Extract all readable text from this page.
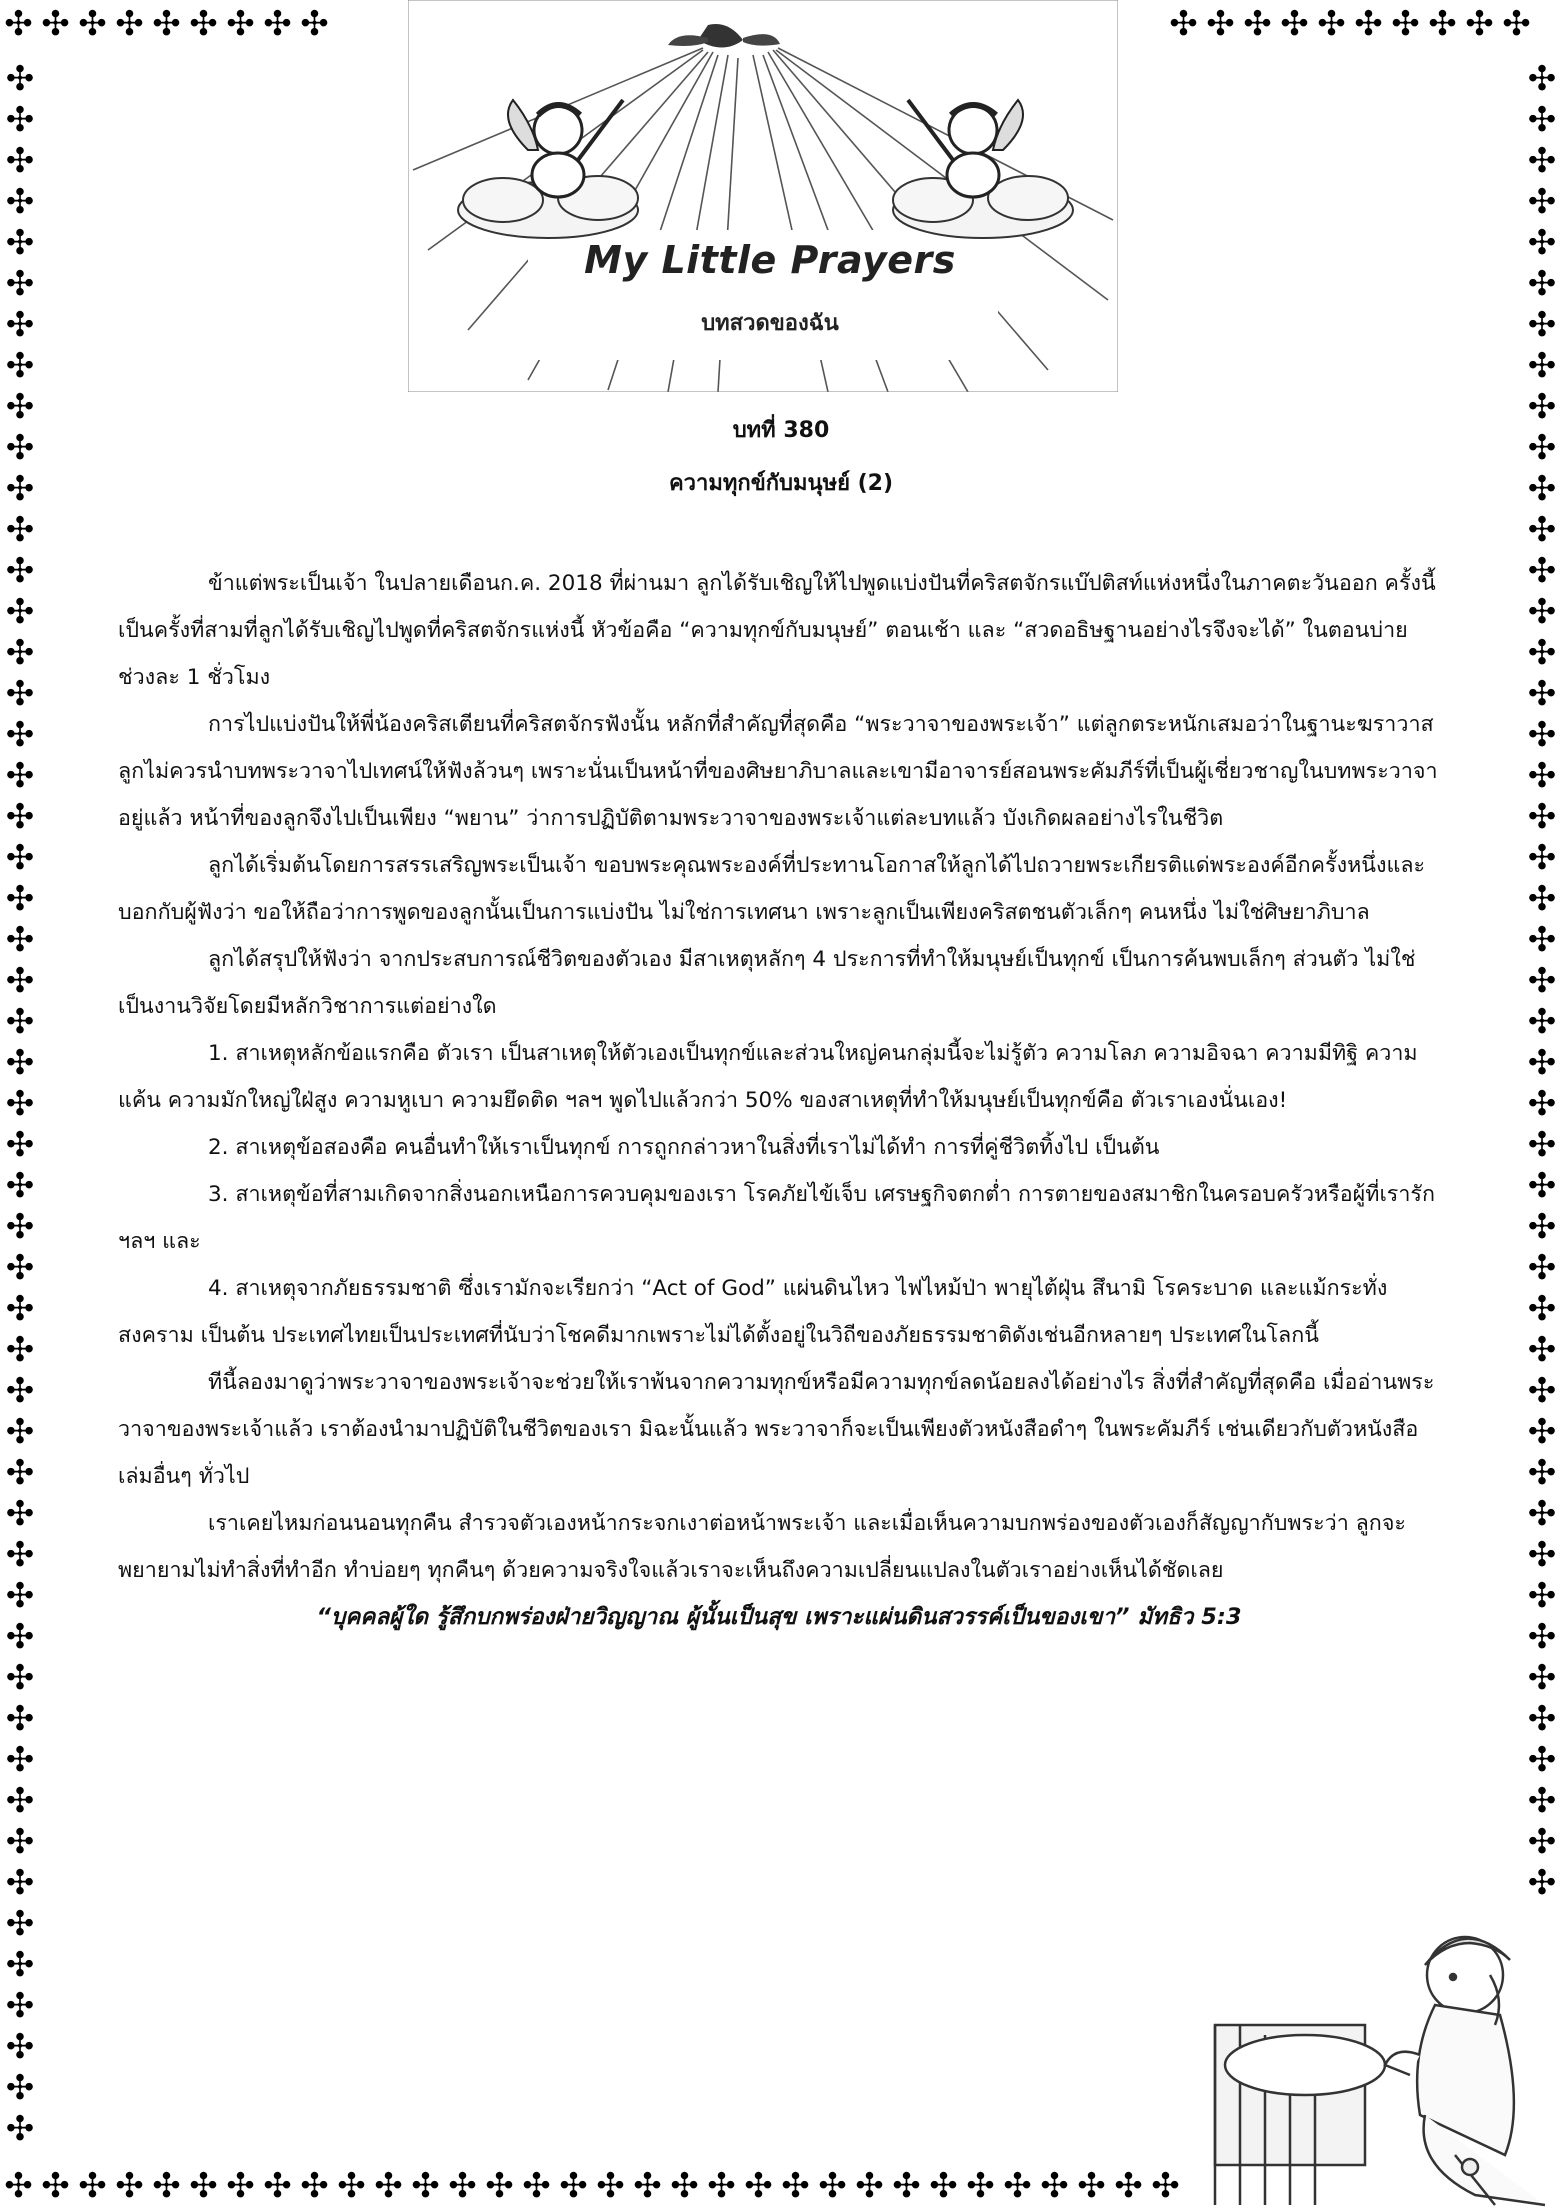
✣ ✣ ✣ ✣ ✣ ✣ ✣ ✣ ✣	✣ ✣ ✣ ✣ ✣ ✣ ✣ ✣ ✣ ✣
✣ ✣ ✣ ✣ ✣ ✣ ✣ ✣ ✣ ✣ ✣ ✣ ✣ ✣ ✣ ✣ ✣ ✣ ✣ ✣ ✣ ✣ ✣ ✣ ✣ ✣ ✣ ✣ ✣ ✣ ✣ ✣
✣
✣
✣
✣
✣
✣
✣
✣
✣
✣
✣
✣
✣
✣
✣
✣
✣
✣
✣
✣
✣
✣
✣
✣
✣
✣
✣
✣
✣
✣
✣
✣
✣
✣
✣
✣
✣
✣
✣
✣
✣
✣
✣
✣
✣
✣
✣
✣
✣
✣
✣
✣
✣
✣
✣
✣
✣
✣
✣
✣
✣
✣
✣
✣
✣
✣
✣
✣
✣
✣
✣
✣
✣
✣
✣
✣
✣
✣
✣
✣
✣
✣
✣
✣
✣
✣
✣
✣
✣
✣
✣
✣
✣
✣
✣
✣
My Little Prayers
บทสวดของฉัน
บทที่ 380
ความทุกข์กับมนุษย์ (2)

ข้าแต่พระเป็นเจ้า ในปลายเดือนก.ค. 2018 ที่ผ่านมา ลูกได้รับเชิญให้ไปพูดแบ่งปันที่คริสตจักรแบ๊ปติสท์แห่งหนึ่งในภาคตะวันออก ครั้งนี้เป็นครั้งที่สามที่ลูกได้รับเชิญไปพูดที่คริสตจักรแห่งนี้ หัวข้อคือ “ความทุกข์กับมนุษย์” ตอนเช้า และ “สวดอธิษฐานอย่างไรจึงจะได้” ในตอนบ่าย ช่วงละ 1 ชั่วโมง

การไปแบ่งปันให้พี่น้องคริสเตียนที่คริสตจักรฟังนั้น หลักที่สำคัญที่สุดคือ “พระวาจาของพระเจ้า” แต่ลูกตระหนักเสมอว่าในฐานะฆราวาส ลูกไม่ควรนำบทพระวาจาไปเทศน์ให้ฟังล้วนๆ เพราะนั่นเป็นหน้าที่ของศิษยาภิบาลและเขามีอาจารย์สอนพระคัมภีร์ที่เป็นผู้เชี่ยวชาญในบทพระวาจาอยู่แล้ว หน้าที่ของลูกจึงไปเป็นเพียง “พยาน” ว่าการปฏิบัติตามพระวาจาของพระเจ้าแต่ละบทแล้ว บังเกิดผลอย่างไรในชีวิต

ลูกได้เริ่มต้นโดยการสรรเสริญพระเป็นเจ้า ขอบพระคุณพระองค์ที่ประทานโอกาสให้ลูกได้ไปถวายพระเกียรติแด่พระองค์อีกครั้งหนึ่งและบอกกับผู้ฟังว่า ขอให้ถือว่าการพูดของลูกนั้นเป็นการแบ่งปัน ไม่ใช่การเทศนา เพราะลูกเป็นเพียงคริสตชนตัวเล็กๆ คนหนึ่ง ไม่ใช่ศิษยาภิบาล

ลูกได้สรุปให้ฟังว่า จากประสบการณ์ชีวิตของตัวเอง มีสาเหตุหลักๆ 4 ประการที่ทำให้มนุษย์เป็นทุกข์ เป็นการค้นพบเล็กๆ ส่วนตัว ไม่ใช่เป็นงานวิจัยโดยมีหลักวิชาการแต่อย่างใด

1. สาเหตุหลักข้อแรกคือ ตัวเรา เป็นสาเหตุให้ตัวเองเป็นทุกข์และส่วนใหญ่คนกลุ่มนี้จะไม่รู้ตัว ความโลภ ความอิจฉา ความมีทิฐิ ความแค้น ความมักใหญ่ใฝ่สูง ความหูเบา ความยึดติด ฯลฯ พูดไปแล้วกว่า 50% ของสาเหตุที่ทำให้มนุษย์เป็นทุกข์คือ ตัวเราเองนั่นเอง!

2. สาเหตุข้อสองคือ คนอื่นทำให้เราเป็นทุกข์ การถูกกล่าวหาในสิ่งที่เราไม่ได้ทำ การที่คู่ชีวิตทิ้งไป เป็นต้น

3. สาเหตุข้อที่สามเกิดจากสิ่งนอกเหนือการควบคุมของเรา โรคภัยไข้เจ็บ เศรษฐกิจตกต่ำ การตายของสมาชิกในครอบครัวหรือผู้ที่เรารัก ฯลฯ และ

4. สาเหตุจากภัยธรรมชาติ ซึ่งเรามักจะเรียกว่า “Act of God” แผ่นดินไหว ไฟไหม้ป่า พายุไต้ฝุ่น สึนามิ โรคระบาด และแม้กระทั่ง สงคราม เป็นต้น ประเทศไทยเป็นประเทศที่นับว่าโชคดีมากเพราะไม่ได้ตั้งอยู่ในวิถีของภัยธรรมชาติดังเช่นอีกหลายๆ ประเทศในโลกนี้

ทีนี้ลองมาดูว่าพระวาจาของพระเจ้าจะช่วยให้เราพ้นจากความทุกข์หรือมีความทุกข์ลดน้อยลงได้อย่างไร สิ่งที่สำคัญที่สุดคือ เมื่ออ่านพระวาจาของพระเจ้าแล้ว เราต้องนำมาปฏิบัติในชีวิตของเรา มิฉะนั้นแล้ว พระวาจาก็จะเป็นเพียงตัวหนังสือดำๆ ในพระคัมภีร์ เช่นเดียวกับตัวหนังสือเล่มอื่นๆ ทั่วไป

เราเคยไหมก่อนนอนทุกคืน สำรวจตัวเองหน้ากระจกเงาต่อหน้าพระเจ้า และเมื่อเห็นความบกพร่องของตัวเองก็สัญญากับพระว่า ลูกจะพยายามไม่ทำสิ่งที่ทำอีก ทำบ่อยๆ ทุกคืนๆ ด้วยความจริงใจแล้วเราจะเห็นถึงความเปลี่ยนแปลงในตัวเราอย่างเห็นได้ชัดเลย

“บุคคลผู้ใด รู้สึกบกพร่องฝ่ายวิญญาณ ผู้นั้นเป็นสุข เพราะแผ่นดินสวรรค์เป็นของเขา” มัทธิว 5:3
